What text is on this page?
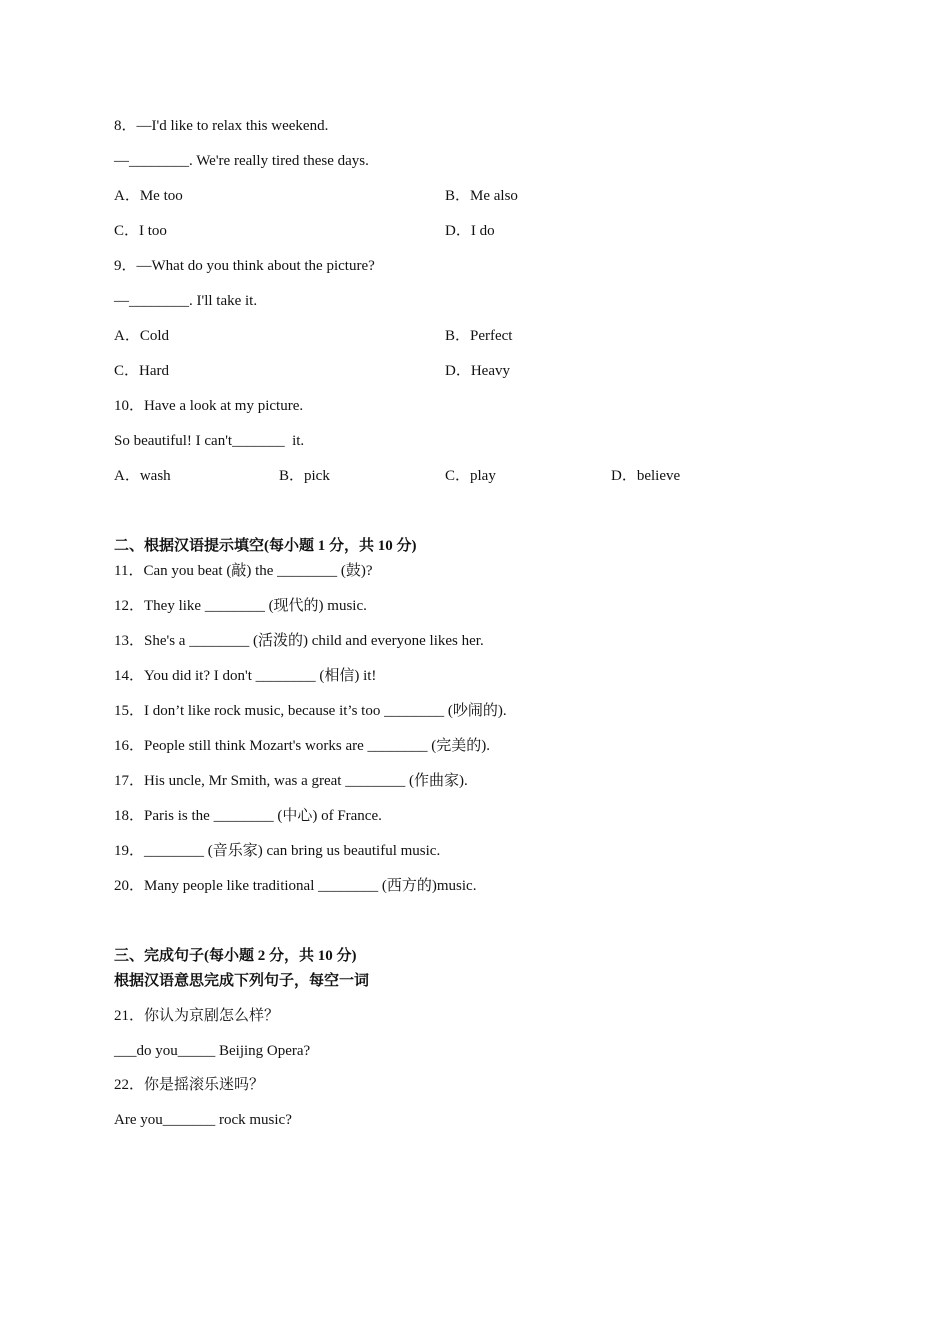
8．—I'd like to relax this weekend.
—________. We're really tired these days.
A．Me too	B．Me also
C．I too	D．I do
9．—What do you think about the picture?
—________. I'll take it.
A．Cold	B．Perfect
C．Hard	D．Heavy
10．Have a look at my picture.
So beautiful! I can't_______  it.
A．wash	B．pick	C．play	D．believe
二、根据汉语提示填空(每小题 1 分，共 10 分)
11．Can you beat (敲) the ________ (鼓)?
12．They like ________ (现代的) music.
13．She's a ________ (活泼的) child and everyone likes her.
14．You did it? I don't ________ (相信) it!
15．I don’t like rock music, because it’s too ________ (吵闹的).
16．People still think Mozart's works are ________ (完美的).
17．His uncle, Mr Smith, was a great ________ (作曲家).
18．Paris is the ________ (中心) of France.
19．________ (音乐家) can bring us beautiful music.
20．Many people like traditional ________ (西方的)music.
三、完成句子(每小题 2 分，共 10 分)
根据汉语意思完成下列句子，每空一词
21．你认为京剧怎么样？
___do you_____ Beijing Opera?
22．你是摇滚乐迷吗？
Are you_______ rock music?
